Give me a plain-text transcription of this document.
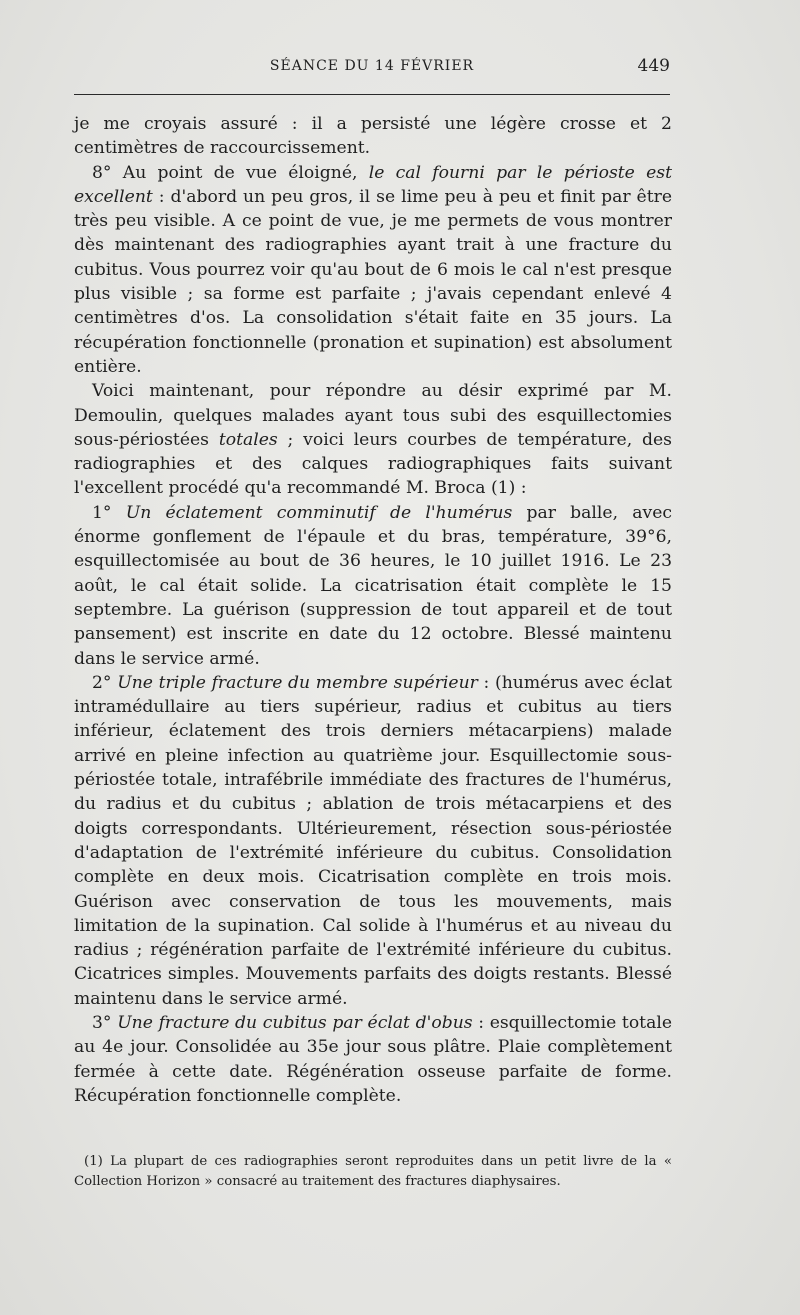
SÉANCE DU 14 FÉVRIER	449

je me croyais assuré : il a persisté une légère crosse et 2 centimètres de raccourcissement.

8° Au point de vue éloigné, le cal fourni par le périoste est excellent : d'abord un peu gros, il se lime peu à peu et finit par être très peu visible. A ce point de vue, je me permets de vous montrer dès maintenant des radiographies ayant trait à une fracture du cubitus. Vous pourrez voir qu'au bout de 6 mois le cal n'est presque plus visible ; sa forme est parfaite ; j'avais cependant enlevé 4 centimètres d'os. La consolidation s'était faite en 35 jours. La récupération fonctionnelle (pronation et supination) est absolument entière.

Voici maintenant, pour répondre au désir exprimé par M. Demoulin, quelques malades ayant tous subi des esquillectomies sous-périostées totales ; voici leurs courbes de température, des radiographies et des calques radiographiques faits suivant l'excellent procédé qu'a recommandé M. Broca (1) :

1° Un éclatement comminutif de l'humérus par balle, avec énorme gonflement de l'épaule et du bras, température, 39°6, esquillectomisée au bout de 36 heures, le 10 juillet 1916. Le 23 août, le cal était solide. La cicatrisation était complète le 15 septembre. La guérison (suppression de tout appareil et de tout pansement) est inscrite en date du 12 octobre. Blessé maintenu dans le service armé.

2° Une triple fracture du membre supérieur : (humérus avec éclat intramédullaire au tiers supérieur, radius et cubitus au tiers inférieur, éclatement des trois derniers métacarpiens) malade arrivé en pleine infection au quatrième jour. Esquillectomie sous-périostée totale, intrafébrile immédiate des fractures de l'humérus, du radius et du cubitus ; ablation de trois métacarpiens et des doigts correspondants. Ultérieurement, résection sous-périostée d'adaptation de l'extrémité inférieure du cubitus. Consolidation complète en deux mois. Cicatrisation complète en trois mois. Guérison avec conservation de tous les mouvements, mais limitation de la supination. Cal solide à l'humérus et au niveau du radius ; régénération parfaite de l'extrémité inférieure du cubitus. Cicatrices simples. Mouvements parfaits des doigts restants. Blessé maintenu dans le service armé.

3° Une fracture du cubitus par éclat d'obus : esquillectomie totale au 4e jour. Consolidée au 35e jour sous plâtre. Plaie complètement fermée à cette date. Régénération osseuse parfaite de forme. Récupération fonctionnelle complète.

(1) La plupart de ces radiographies seront reproduites dans un petit livre de la « Collection Horizon » consacré au traitement des fractures diaphysaires.
